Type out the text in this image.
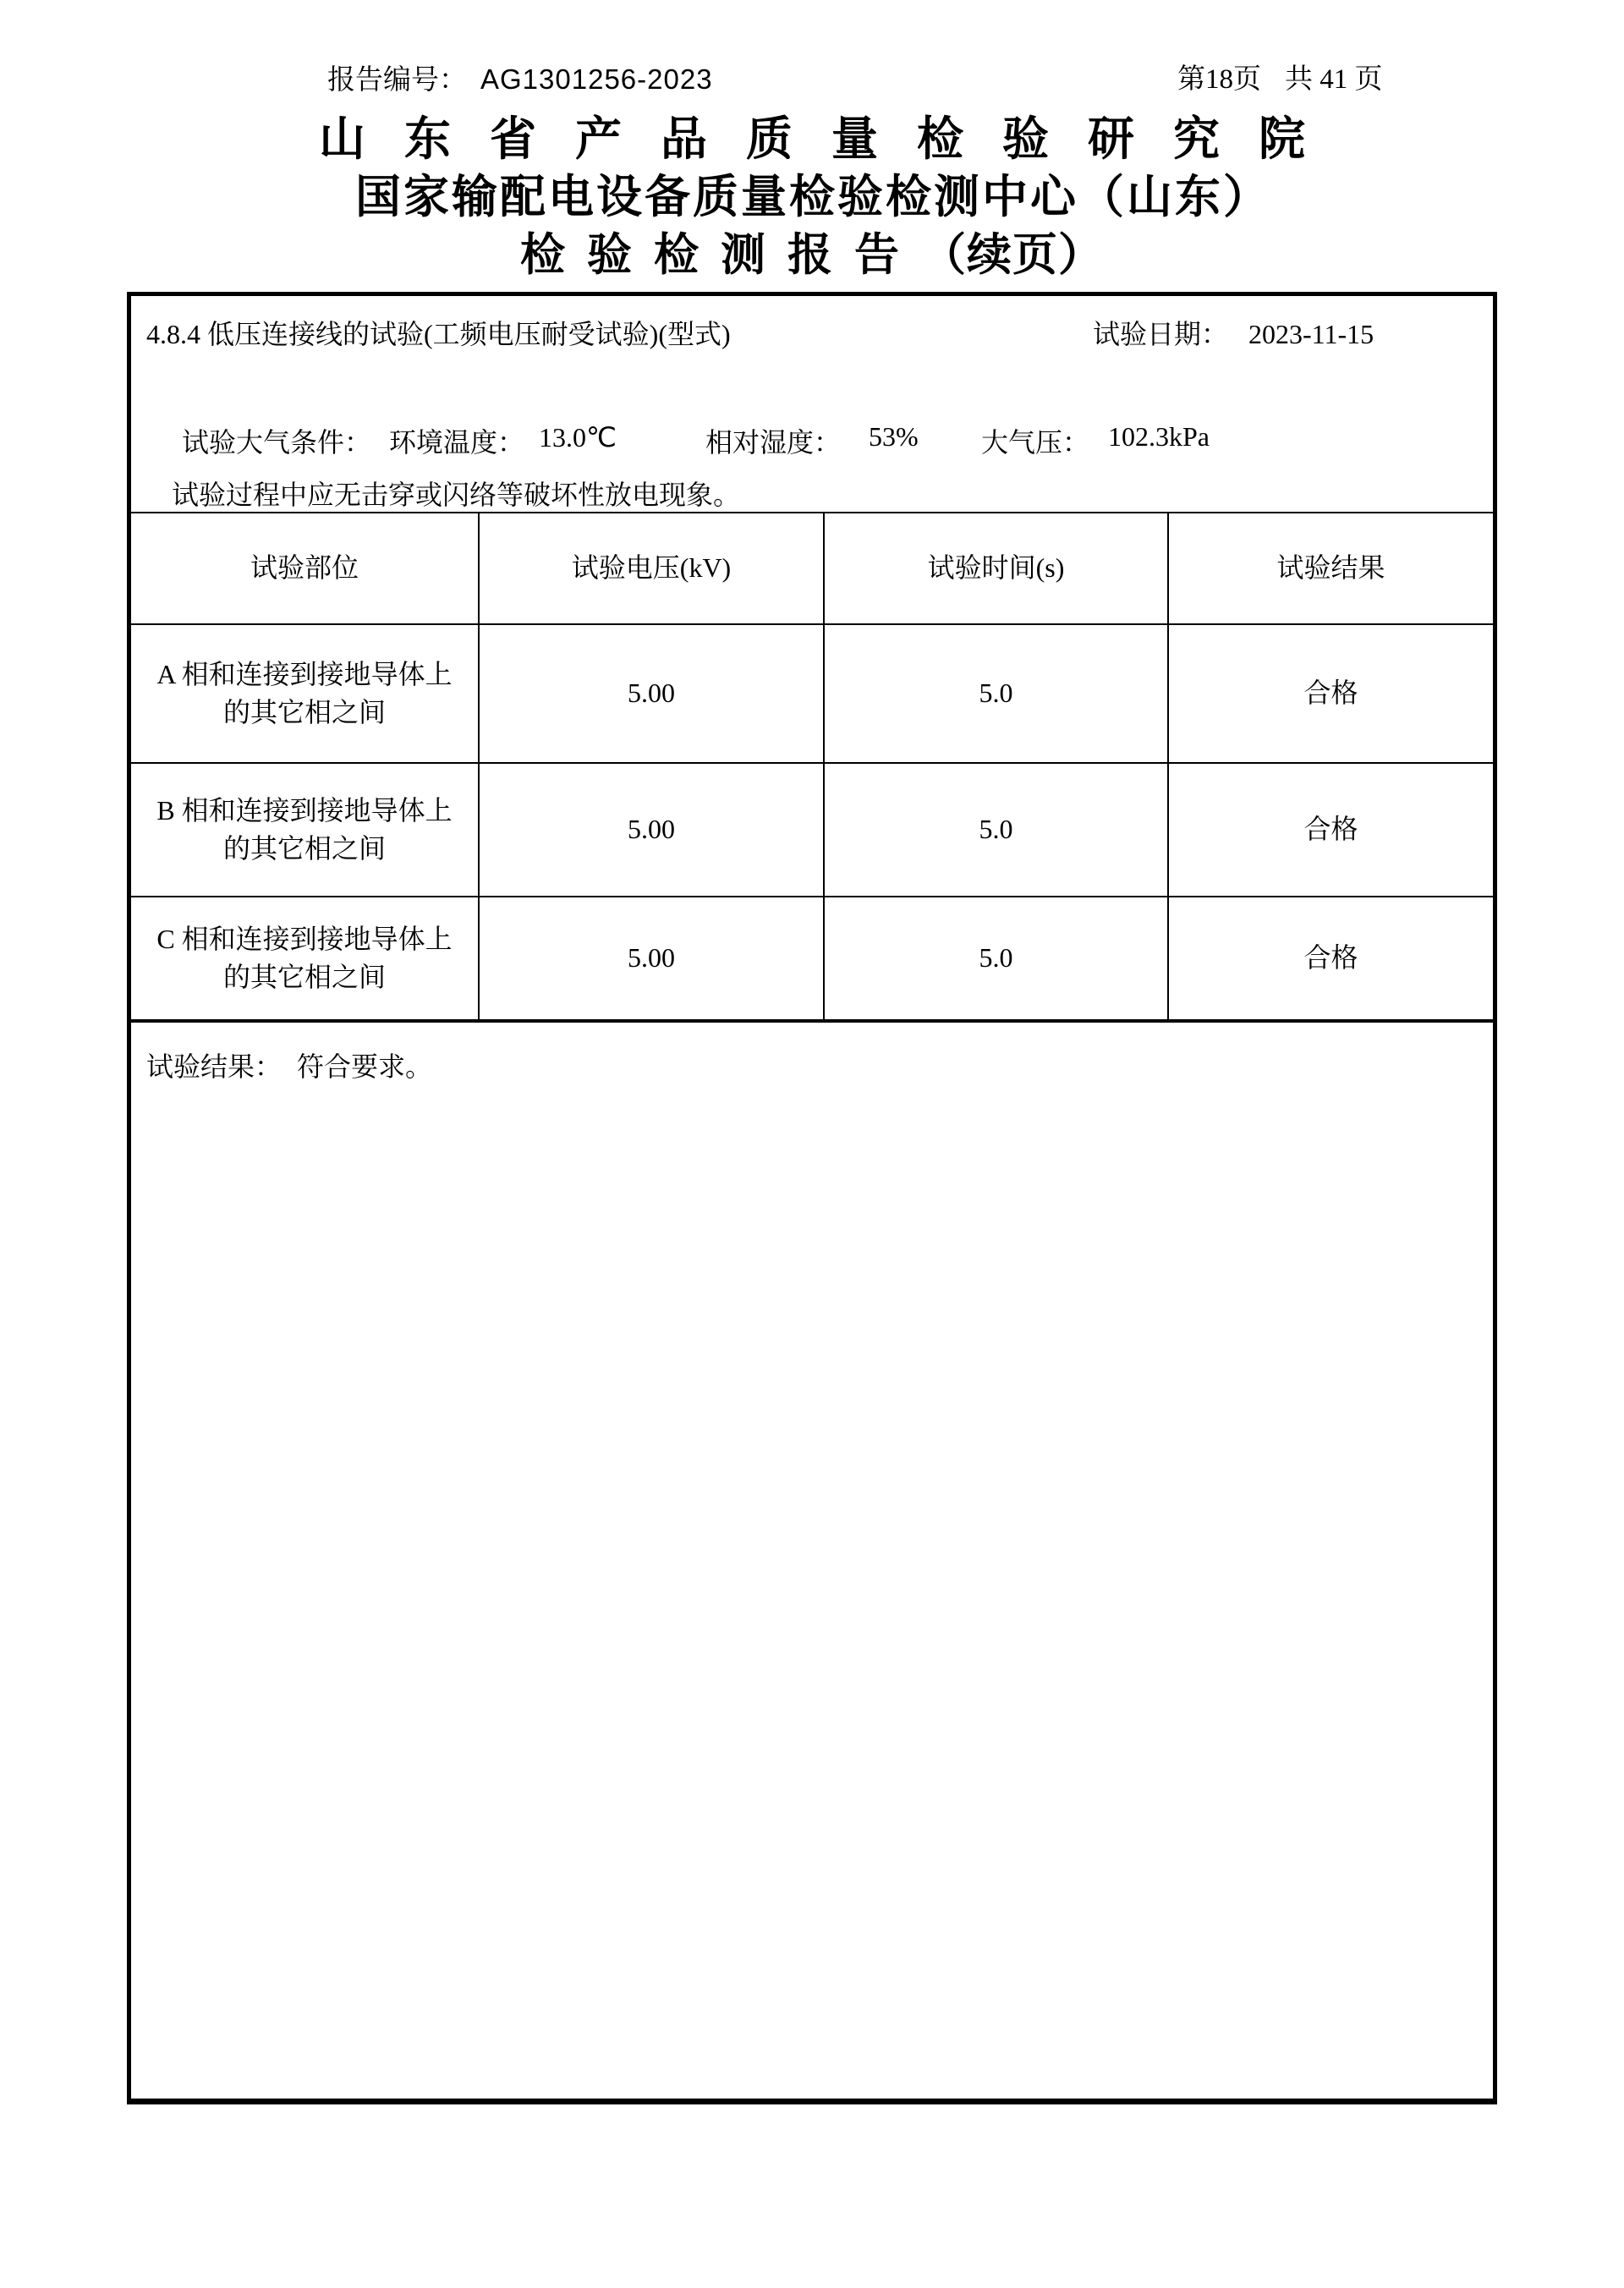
报告编号： AG1301256-2023	第18页 共 41 页
山东省产品质量检验研究院
国家输配电设备质量检验检测中心（山东）
检验检测报告（续页）
4.8.4 低压连接线的试验(工频电压耐受试验)(型式)	试验日期： 2023-11-15
试验大气条件： 环境温度： 13.0℃	相对湿度： 53% 大气压： 102.3kPa
试验过程中应无击穿或闪络等破坏性放电现象。
试验部位	试验电压(kV)	试验时间(s)	试验结果
A 相和连接到接地导体上
的其它相之间
5.00	5.0	合格
B 相和连接到接地导体上
的其它相之间
5.00	5.0	合格
C 相和连接到接地导体上
的其它相之间
5.00	5.0	合格
试验结果： 符合要求。
